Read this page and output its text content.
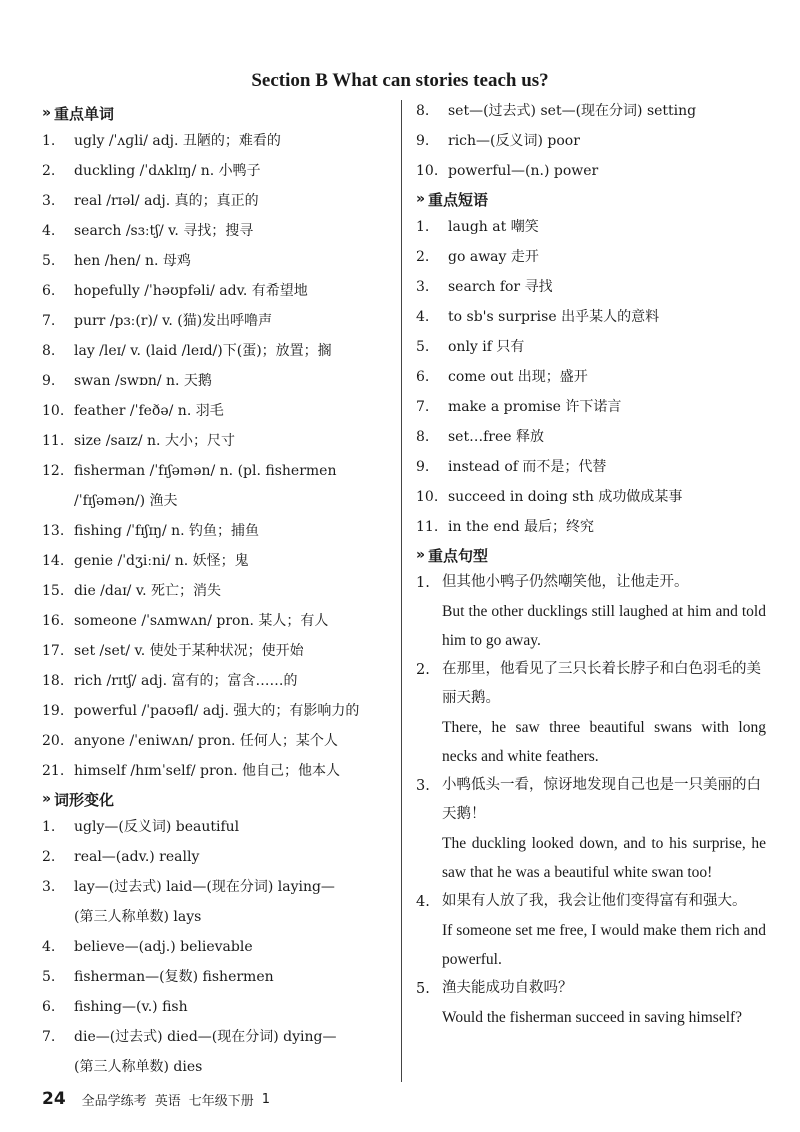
Section B What can stories teach us?
» 重点单词
1.	ugly /ˈʌɡli/ adj. 丑陋的；难看的
2.	duckling /ˈdʌklɪŋ/ n. 小鸭子
3.	real /rɪəl/ adj. 真的；真正的
4.	search /sɜːtʃ/ v. 寻找；搜寻
5.	hen /hen/ n. 母鸡
6.	hopefully /ˈhəʊpfəli/ adv. 有希望地
7.	purr /pɜː(r)/ v. (猫)发出呼噜声
8.	lay /leɪ/ v. (laid /leɪd/)下(蛋)；放置；搁
9.	swan /swɒn/ n. 天鹅
10. feather /ˈfeðə/ n. 羽毛
11. size /saɪz/ n. 大小；尺寸
12. fisherman /ˈfɪʃəmən/ n. (pl. fishermen
/ˈfɪʃəmən/) 渔夫
13. fishing /ˈfɪʃɪŋ/ n. 钓鱼；捕鱼
14. genie /ˈdʒiːni/ n. 妖怪；鬼
15. die /daɪ/ v. 死亡；消失
16. someone /ˈsʌmwʌn/ pron. 某人；有人
17. set /set/ v. 使处于某种状况；使开始
18. rich /rɪtʃ/ adj. 富有的；富含……的
19. powerful /ˈpaʊəfl/ adj. 强大的；有影响力的
20. anyone /ˈeniwʌn/ pron. 任何人；某个人
21. himself /hɪmˈself/ pron. 他自己；他本人
» 词形变化
1.	ugly—(反义词) beautiful
2.	real—(adv.) really
3.	lay—(过去式) laid—(现在分词) laying—
(第三人称单数) lays
4.	believe—(adj.) believable
5.	fisherman—(复数) fishermen
6.	fishing—(v.) fish
7.	die—(过去式) died—(现在分词) dying—
(第三人称单数) dies
8.	set—(过去式) set—(现在分词) setting
9.	rich—(反义词) poor
10. powerful—(n.) power
» 重点短语
1.	laugh at 嘲笑
2.	go away 走开
3.	search for 寻找
4.	to sb's surprise 出乎某人的意料
5.	only if 只有
6.	come out 出现；盛开
7.	make a promise 许下诺言
8.	set…free 释放
9.	instead of 而不是；代替
10. succeed in doing sth 成功做成某事
11. in the end 最后；终究
» 重点句型
1. 但其他小鸭子仍然嘲笑他，让他走开。
But the other ducklings still laughed at him and told him to go away.
2. 在那里，他看见了三只长着长脖子和白色羽毛的美丽天鹅。
There, he saw three beautiful swans with long necks and white feathers.
3. 小鸭低头一看，惊讶地发现自己也是一只美丽的白天鹅！
The duckling looked down, and to his surprise, he saw that he was a beautiful white swan too!
4. 如果有人放了我，我会让他们变得富有和强大。
If someone set me free, I would make them rich and powerful.
5. 渔夫能成功自救吗？
Would the fisherman succeed in saving himself?
24 全品学练考 英语 七年级下册 1
